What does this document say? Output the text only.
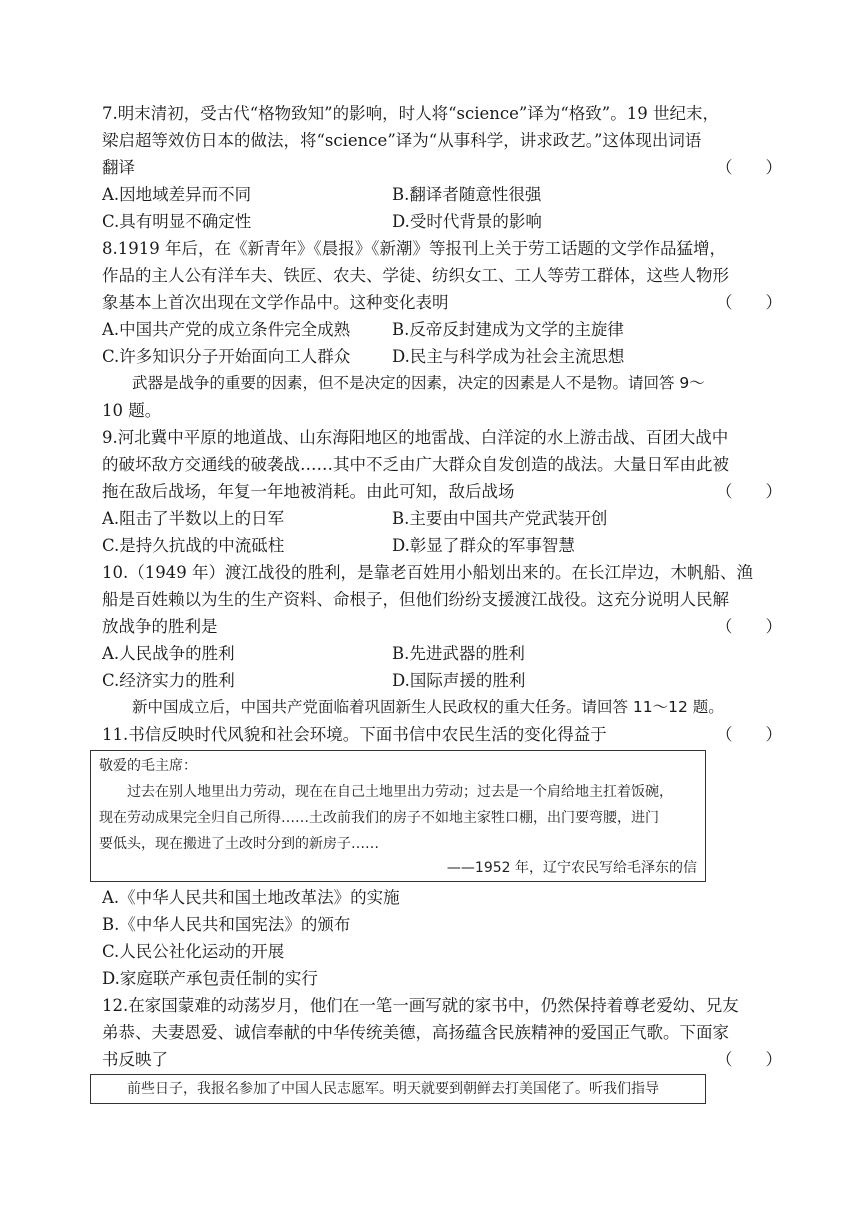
7.明末清初，受古代“格物致知”的影响，时人将“science”译为“格致”。19 世纪末，
梁启超等效仿日本的做法，将“science”译为“从事科学，讲求政艺。”这体现出词语
翻译	（　　）
A.因地域差异而不同	B.翻译者随意性很强
C.具有明显不确定性	D.受时代背景的影响
8.1919 年后，在《新青年》《晨报》《新潮》等报刊上关于劳工话题的文学作品猛增，
作品的主人公有洋车夫、铁匠、农夫、学徒、纺织女工、工人等劳工群体，这些人物形
象基本上首次出现在文学作品中。这种变化表明	（　　）
A.中国共产党的成立条件完全成熟	B.反帝反封建成为文学的主旋律
C.许多知识分子开始面向工人群众	D.民主与科学成为社会主流思想
武器是战争的重要的因素，但不是决定的因素，决定的因素是人不是物。请回答 9～
10 题。
9.河北冀中平原的地道战、山东海阳地区的地雷战、白洋淀的水上游击战、百团大战中
的破坏敌方交通线的破袭战……其中不乏由广大群众自发创造的战法。大量日军由此被
拖在敌后战场，年复一年地被消耗。由此可知，敌后战场	（　　）
A.阻击了半数以上的日军	B.主要由中国共产党武装开创
C.是持久抗战的中流砥柱	D.彰显了群众的军事智慧
10.（1949 年）渡江战役的胜利，是靠老百姓用小船划出来的。在长江岸边，木帆船、渔
船是百姓赖以为生的生产资料、命根子，但他们纷纷支援渡江战役。这充分说明人民解
放战争的胜利是	（　　）
A.人民战争的胜利	B.先进武器的胜利
C.经济实力的胜利	D.国际声援的胜利
新中国成立后，中国共产党面临着巩固新生人民政权的重大任务。请回答 11～12 题。
11.书信反映时代风貌和社会环境。下面书信中农民生活的变化得益于	（　　）
敬爱的毛主席：
过去在别人地里出力劳动，现在在自己土地里出力劳动；过去是一个肩给地主扛着饭碗，
现在劳动成果完全归自己所得……土改前我们的房子不如地主家牲口棚，出门要弯腰，进门
要低头，现在搬进了土改时分到的新房子……
——1952 年，辽宁农民写给毛泽东的信
A.《中华人民共和国土地改革法》的实施
B.《中华人民共和国宪法》的颁布
C.人民公社化运动的开展
D.家庭联产承包责任制的实行
12.在家国蒙难的动荡岁月，他们在一笔一画写就的家书中，仍然保持着尊老爱幼、兄友
弟恭、夫妻恩爱、诚信奉献的中华传统美德，高扬蕴含民族精神的爱国正气歌。下面家
书反映了	（　　）
前些日子，我报名参加了中国人民志愿军。明天就要到朝鲜去打美国佬了。听我们指导
